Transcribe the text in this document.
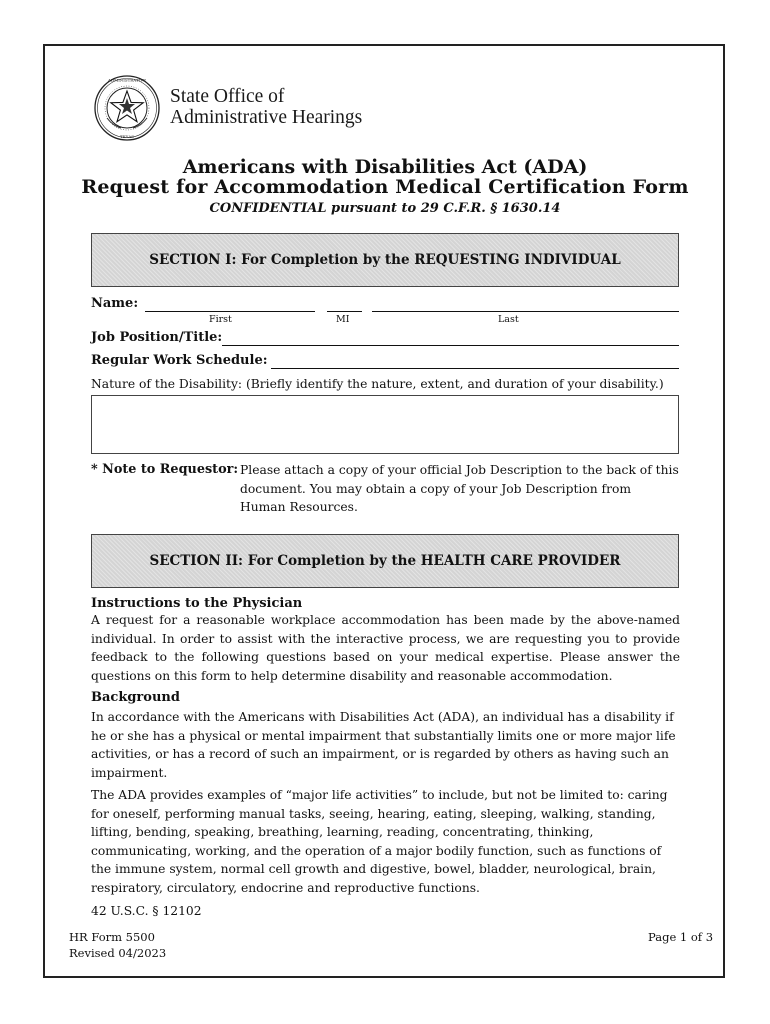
ADMINISTRATIVE
TEXAS
State Office of
Administrative Hearings
Americans with Disabilities Act (ADA)
Request for Accommodation Medical Certification Form
CONFIDENTIAL pursuant to 29 C.F.R. § 1630.14
SECTION I: For Completion by the REQUESTING INDIVIDUAL
Name:
First	MI	Last
Job Position/Title:
Regular Work Schedule:
Nature of the Disability: (Briefly identify the nature, extent, and duration of your disability.)
* Note to Requestor: Please attach a copy of your official Job Description to the back of this document. You may obtain a copy of your Job Description from Human Resources.
SECTION II: For Completion by the HEALTH CARE PROVIDER
Instructions to the Physician
A request for a reasonable workplace accommodation has been made by the above-named individual. In order to assist with the interactive process, we are requesting you to provide feedback to the following questions based on your medical expertise. Please answer the questions on this form to help determine disability and reasonable accommodation.
Background
In accordance with the Americans with Disabilities Act (ADA), an individual has a disability if he or she has a physical or mental impairment that substantially limits one or more major life activities, or has a record of such an impairment, or is regarded by others as having such an impairment.
The ADA provides examples of “major life activities” to include, but not be limited to: caring for oneself, performing manual tasks, seeing, hearing, eating, sleeping, walking, standing, lifting, bending, speaking, breathing, learning, reading, concentrating, thinking, communicating, working, and the operation of a major bodily function, such as functions of the immune system, normal cell growth and digestive, bowel, bladder, neurological, brain, respiratory, circulatory, endocrine and reproductive functions.
42 U.S.C. § 12102
HR Form 5500
Revised 04/2023
Page 1 of 3
